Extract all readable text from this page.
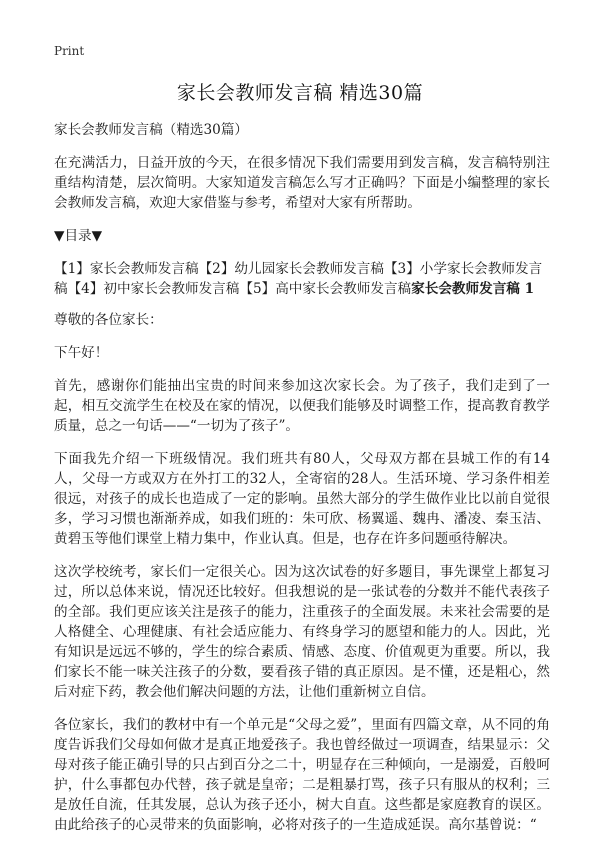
Print
家长会教师发言稿 精选30篇

家长会教师发言稿（精选30篇）

在充满活力，日益开放的今天，在很多情况下我们需要用到发言稿，发言稿特别注重结构清楚，层次简明。大家知道发言稿怎么写才正确吗？下面是小编整理的家长会教师发言稿，欢迎大家借鉴与参考，希望对大家有所帮助。

▼目录▼

【1】家长会教师发言稿【2】幼儿园家长会教师发言稿【3】小学家长会教师发言稿【4】初中家长会教师发言稿【5】高中家长会教师发言稿家长会教师发言稿 1

尊敬的各位家长：

下午好！

首先，感谢你们能抽出宝贵的时间来参加这次家长会。为了孩子，我们走到了一起，相互交流学生在校及在家的情况，以便我们能够及时调整工作，提高教育教学质量，总之一句话——“一切为了孩子”。

下面我先介绍一下班级情况。我们班共有80人，父母双方都在县城工作的有14人，父母一方或双方在外打工的32人，全寄宿的28人。生活环境、学习条件相差很远，对孩子的成长也造成了一定的影响。虽然大部分的学生做作业比以前自觉很多，学习习惯也渐渐养成，如我们班的：朱可欣、杨翼遥、魏冉、潘凌、秦玉洁、黄碧玉等他们课堂上精力集中，作业认真。但是，也存在许多问题亟待解决。

这次学校统考，家长们一定很关心。因为这次试卷的好多题目，事先课堂上都复习过，所以总体来说，情况还比较好。但我想说的是一张试卷的分数并不能代表孩子的全部。我们更应该关注是孩子的能力，注重孩子的全面发展。未来社会需要的是人格健全、心理健康、有社会适应能力、有终身学习的愿望和能力的人。因此，光有知识是远远不够的，学生的综合素质、情感、态度、价值观更为重要。所以，我们家长不能一味关注孩子的分数，要看孩子错的真正原因。是不懂，还是粗心，然后对症下药，教会他们解决问题的方法，让他们重新树立自信。

各位家长，我们的教材中有一个单元是“父母之爱”，里面有四篇文章，从不同的角度告诉我们父母如何做才是真正地爱孩子。我也曾经做过一项调查，结果显示：父母对孩子能正确引导的只占到百分之二十，明显存在三种倾向，一是溺爱，百般呵护，什么事都包办代替，孩子就是皇帝；二是粗暴打骂，孩子只有服从的权利；三是放任自流，任其发展，总认为孩子还小，树大自直。这些都是家庭教育的误区。由此给孩子的心灵带来的负面影响，必将对孩子的一生造成延误。高尔基曾说：“
